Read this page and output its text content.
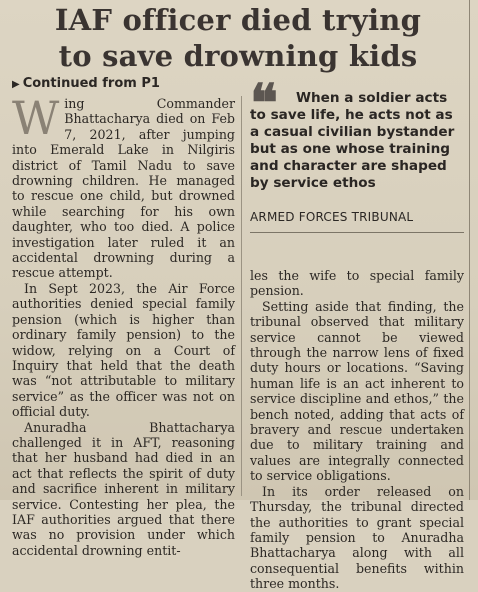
IAF officer died trying
to save drowning kids
▶ Continued from P1

Wing Commander Bhattacharya died on Feb 7, 2021, after jumping into Emerald Lake in Nilgiris district of Tamil Nadu to save drowning children. He managed to rescue one child, but drowned while searching for his own daughter, who too died. A police investigation later ruled it an accidental drowning during a rescue attempt.

In Sept 2023, the Air Force authorities denied special family pension (which is higher than ordinary family pension) to the widow, relying on a Court of Inquiry that held that the death was “not attributable to military service” as the officer was not on official duty.

Anuradha Bhattacharya challenged it in AFT, reasoning that her husband had died in an act that reflects the spirit of duty and sacrifice inherent in military service. Contesting her plea, the IAF authorities argued that there was no provision under which accidental drowning entit-

❝	When a soldier acts to save life, he acts not as a casual civilian bystander but as one whose training and character are shaped by service ethos

ARMED FORCES TRIBUNAL

les the wife to special family pension.

Setting aside that finding, the tribunal observed that military service cannot be viewed through the narrow lens of fixed duty hours or locations. “Saving human life is an act inherent to service discipline and ethos,” the bench noted, adding that acts of bravery and rescue undertaken due to military training and values are integrally connected to service obligations.

In its order released on Thursday, the tribunal directed the authorities to grant special family pension to Anuradha Bhattacharya along with all consequential benefits within three months.
